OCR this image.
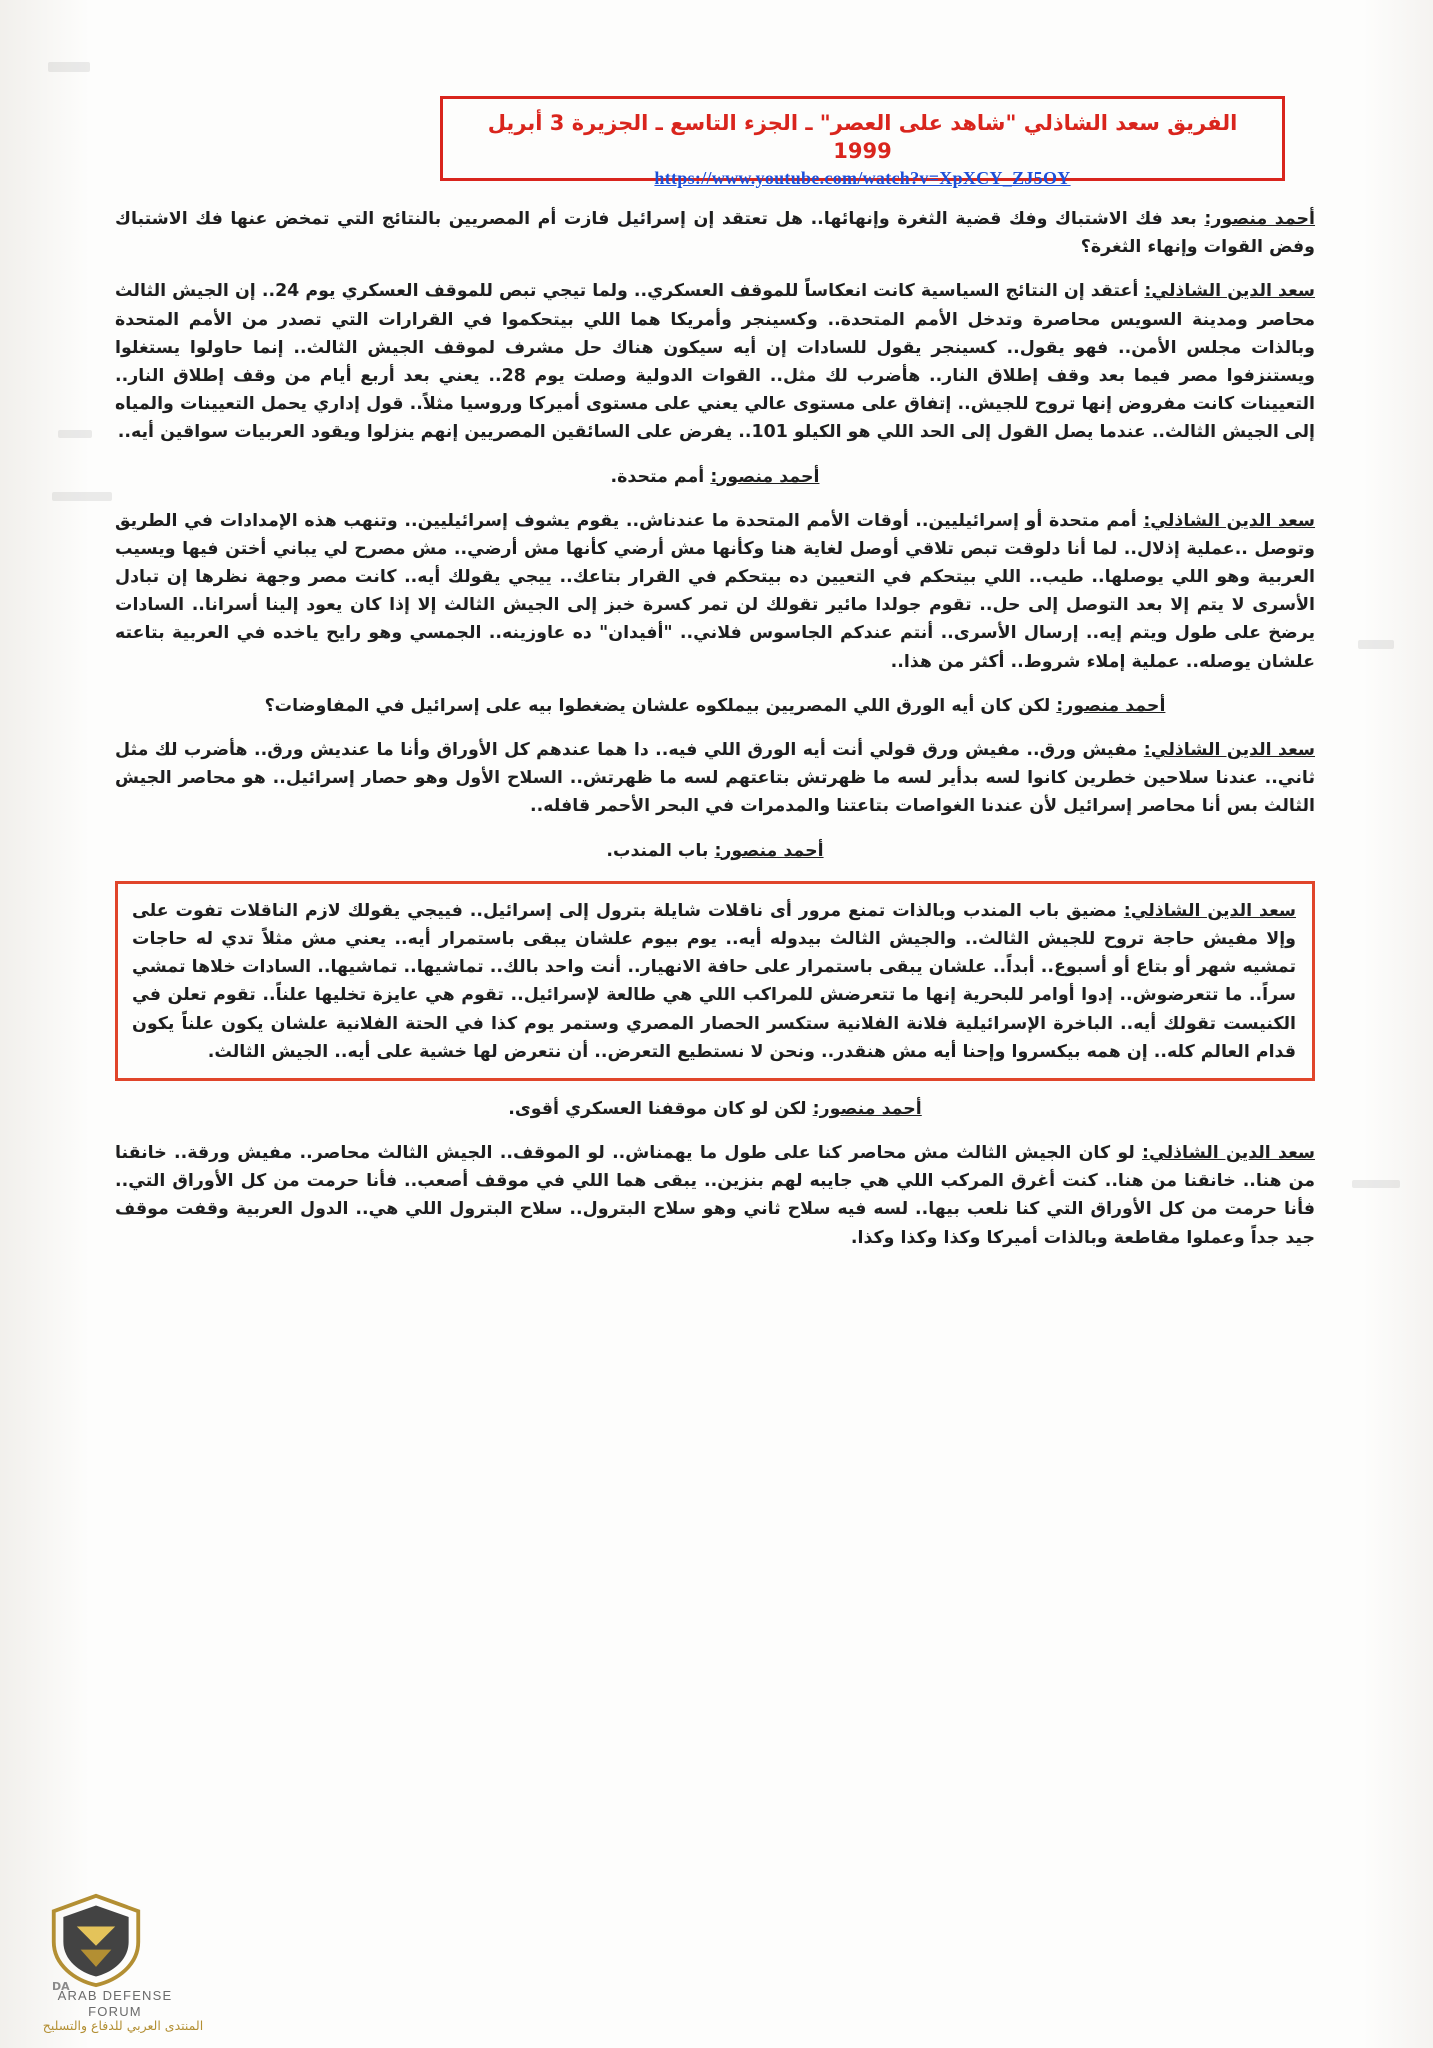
الفريق سعد الشاذلي "شاهد على العصر" ـ الجزء التاسع ـ الجزيرة 3 أبريل 1999
https://www.youtube.com/watch?v=XpXCY_ZJ5OY

أحمد منصور: بعد فك الاشتباك وفك قضية الثغرة وإنهائها.. هل تعتقد إن إسرائيل فازت أم المصريين بالنتائج التي تمخض عنها فك الاشتباك وفض القوات وإنهاء الثغرة؟

سعد الدين الشاذلي: أعتقد إن النتائج السياسية كانت انعكاساً للموقف العسكري.. ولما تيجي تبص للموقف العسكري يوم 24.. إن الجيش الثالث محاصر ومدينة السويس محاصرة وتدخل الأمم المتحدة.. وكسينجر وأمريكا هما اللي بيتحكموا في القرارات التي تصدر من الأمم المتحدة وبالذات مجلس الأمن.. فهو يقول.. كسينجر يقول للسادات إن أيه سيكون هناك حل مشرف لموقف الجيش الثالث.. إنما حاولوا يستغلوا ويستنزفوا مصر فيما بعد وقف إطلاق النار.. هأضرب لك مثل.. القوات الدولية وصلت يوم 28.. يعني بعد أربع أيام من وقف إطلاق النار.. التعيينات كانت مفروض إنها تروح للجيش.. إتفاق على مستوى عالي يعني على مستوى أميركا وروسيا مثلاً.. قول إداري يحمل التعيينات والمياه إلى الجيش الثالث.. عندما يصل القول إلى الحد اللي هو الكيلو 101.. يفرض على السائقين المصريين إنهم ينزلوا ويقود العربيات سواقين أيه..

أحمد منصور: أمم متحدة.

سعد الدين الشاذلي: أمم متحدة أو إسرائيليين.. أوقات الأمم المتحدة ما عندناش.. يقوم يشوف إسرائيليين.. وتنهب هذه الإمدادات في الطريق وتوصل ..عملية إذلال.. لما أنا دلوقت تبص تلاقي أوصل لغاية هنا وكأنها مش أرضي كأنها مش أرضي.. مش مصرح لي يباني أختن فيها ويسيب العربية وهو اللي يوصلها.. طيب.. اللي بيتحكم في التعيين ده بيتحكم في القرار بتاعك.. ييجي يقولك أيه.. كانت مصر وجهة نظرها إن تبادل الأسرى لا يتم إلا بعد التوصل إلى حل.. تقوم جولدا مائير تقولك لن تمر كسرة خبز إلى الجيش الثالث إلا إذا كان يعود إلينا أسرانا.. السادات يرضخ على طول ويتم إيه.. إرسال الأسرى.. أنتم عندكم الجاسوس فلاني.. "أفيدان" ده عاوزينه.. الجمسي وهو رايح ياخده في العربية بتاعته علشان يوصله.. عملية إملاء شروط.. أكثر من هذا..

أحمد منصور: لكن كان أيه الورق اللي المصريين بيملكوه علشان يضغطوا بيه على إسرائيل في المفاوضات؟

سعد الدين الشاذلي: مفيش ورق.. مفيش ورق قولي أنت أيه الورق اللي فيه.. دا هما عندهم كل الأوراق وأنا ما عنديش ورق.. هأضرب لك مثل ثاني.. عندنا سلاحين خطرين كانوا لسه بدأير لسه ما ظهرتش بتاعتهم لسه ما ظهرتش.. السلاح الأول وهو حصار إسرائيل.. هو محاصر الجيش الثالث بس أنا محاصر إسرائيل لأن عندنا الغواصات بتاعتنا والمدمرات في البحر الأحمر قافله..

أحمد منصور: باب المندب.

سعد الدين الشاذلي: مضيق باب المندب وبالذات تمنع مرور أى ناقلات شايلة بترول إلى إسرائيل.. فييجي يقولك لازم الناقلات تفوت على وإلا مفيش حاجة تروح للجيش الثالث.. والجيش الثالث بيدوله أيه.. يوم بيوم علشان يبقى باستمرار أيه.. يعني مش مثلاً تدي له حاجات تمشيه شهر أو بتاع أو أسبوع.. أبداً.. علشان يبقى باستمرار على حافة الانهيار.. أنت واحد بالك.. تماشيها.. تماشيها.. السادات خلاها تمشي سراً.. ما تتعرضوش.. إدوا أوامر للبحرية إنها ما تتعرضش للمراكب اللي هي طالعة لإسرائيل.. تقوم هي عايزة تخليها علناً.. تقوم تعلن في الكنيست تقولك أيه.. الباخرة الإسرائيلية فلانة الفلانية ستكسر الحصار المصري وستمر يوم كذا في الحتة الفلانية علشان يكون علناً يكون قدام العالم كله.. إن همه بيكسروا وإحنا أيه مش هنقدر.. ونحن لا نستطيع التعرض.. أن نتعرض لها خشية على أيه.. الجيش الثالث.

أحمد منصور: لكن لو كان موقفنا العسكري أقوى.

سعد الدين الشاذلي: لو كان الجيش الثالث مش محاصر كنا على طول ما يهمناش.. لو الموقف.. الجيش الثالث محاصر.. مفيش ورقة.. خانقنا من هنا.. خانقنا من هنا.. كنت أغرق المركب اللي هي جايبه لهم بنزين.. يبقى هما اللي في موقف أصعب.. فأنا حرمت من كل الأوراق التي.. فأنا حرمت من كل الأوراق التي كنا نلعب بيها.. لسه فيه سلاح ثاني وهو سلاح البترول.. سلاح البترول اللي هي.. الدول العربية وقفت موقف جيد جداً وعملوا مقاطعة وبالذات أميركا وكذا وكذا وكذا.

DA
ARAB DEFENSE FORUM
المنتدى العربي للدفاع والتسليح
